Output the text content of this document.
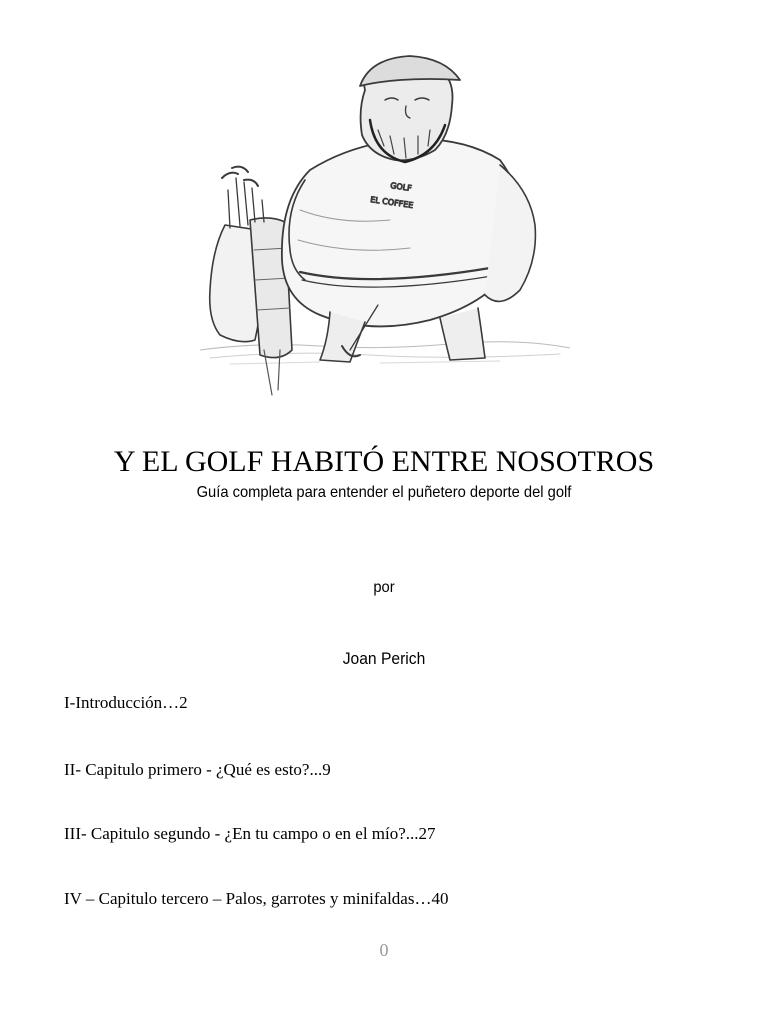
GOLF
EL COFFEE
Y EL GOLF HABITÓ ENTRE NOSOTROS
Guía completa para entender el puñetero deporte del golf
por
Joan Perich
I-Introducción…2
II- Capitulo primero - ¿Qué es esto?...9
III- Capitulo segundo - ¿En tu campo o en el mío?...27
IV – Capitulo tercero – Palos, garrotes y minifaldas…40
0
